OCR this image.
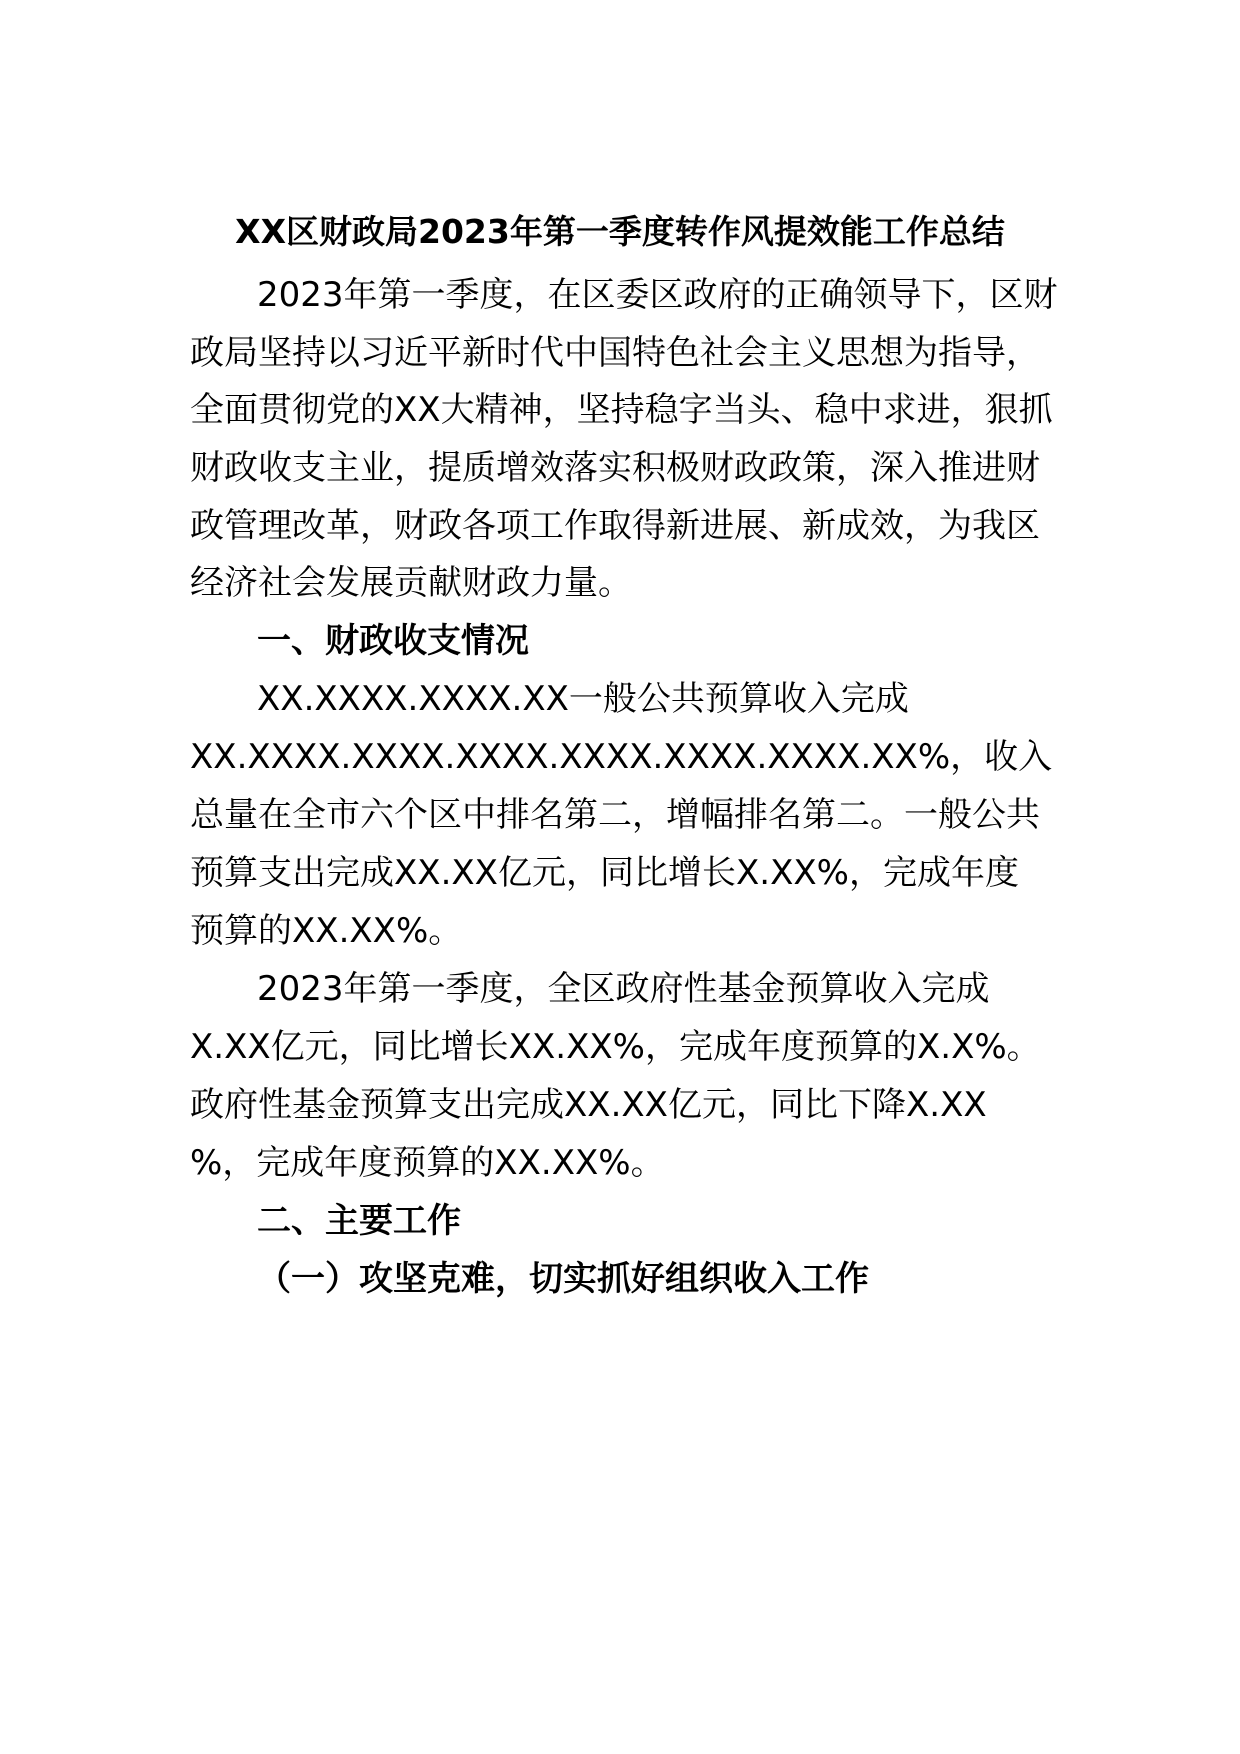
XX区财政局2023年第一季度转作风提效能工作总结
2023年第一季度，在区委区政府的正确领导下，区财
政局坚持以习近平新时代中国特色社会主义思想为指导，
全面贯彻党的XX大精神，坚持稳字当头、稳中求进，狠抓
财政收支主业，提质增效落实积极财政政策，深入推进财
政管理改革，财政各项工作取得新进展、新成效，为我区
经济社会发展贡献财政力量。
一、财政收支情况
XX.XXXX.XXXX.XX一般公共预算收入完成
XX.XXXX.XXXX.XXXX.XXXX.XXXX.XXXX.XX%，收入
总量在全市六个区中排名第二，增幅排名第二。一般公共
预算支出完成XX.XX亿元，同比增长X.XX%，完成年度
预算的XX.XX%。
2023年第一季度，全区政府性基金预算收入完成
X.XX亿元，同比增长XX.XX%，完成年度预算的X.X%。
政府性基金预算支出完成XX.XX亿元，同比下降X.XX
%，完成年度预算的XX.XX%。
二、主要工作
（一）攻坚克难，切实抓好组织收入工作
